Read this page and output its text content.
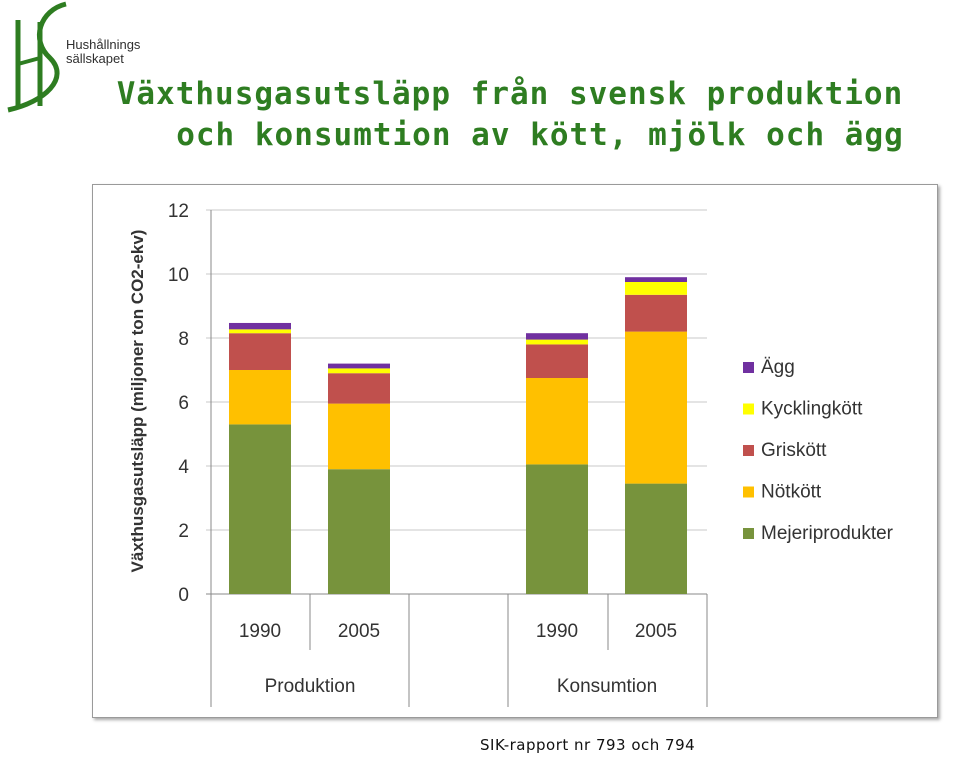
Hushållnings
sällskapet
Växthusgasutsläpp från svensk produktion
och konsumtion av kött, mjölk och ägg
0
2
4
6
8
10
12
1990	2005	1990	2005
Produktion	Konsumtion
Ägg
Kycklingkött
Griskött
Nötkött
Mejeriprodukter
Växthusgasutsläpp (miljoner ton CO2-ekv)
SIK-rapport nr 793 och 794
